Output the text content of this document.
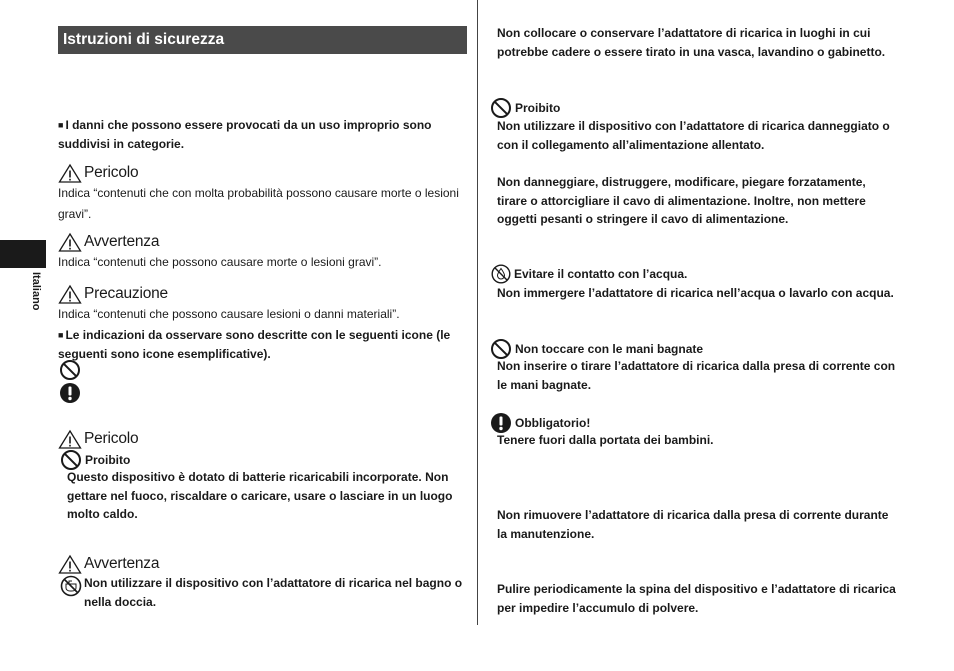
Istruzioni di sicurezza
Italiano
■ I danni che possono essere provocati da un uso improprio sono suddivisi in categorie.
Pericolo
Indica “contenuti che con molta probabilità possono causare morte o lesioni gravi”.
Avvertenza
Indica “contenuti che possono causare morte o lesioni gravi”.
Precauzione
Indica “contenuti che possono causare lesioni o danni materiali”.
■ Le indicazioni da osservare sono descritte con le seguenti icone (le seguenti sono icone esemplificative).
Pericolo
Proibito
Questo dispositivo è dotato di batterie ricaricabili incorporate. Non gettare nel fuoco, riscaldare o caricare, usare o lasciare in un luogo molto caldo.
Avvertenza
Non utilizzare il dispositivo con l’adattatore di ricarica nel bagno o nella doccia.
Non collocare o conservare l’adattatore di ricarica in luoghi in cui potrebbe cadere o essere tirato in una vasca, lavandino o gabinetto.
Proibito
Non utilizzare il dispositivo con l’adattatore di ricarica danneggiato o con il collegamento all’alimentazione allentato.
Non danneggiare, distruggere, modificare, piegare forzatamente, tirare o attorcigliare il cavo di alimentazione. Inoltre, non mettere oggetti pesanti o stringere il cavo di alimentazione.
Evitare il contatto con l’acqua.
Non immergere l’adattatore di ricarica nell’acqua o lavarlo con acqua.
Non toccare con le mani bagnate
Non inserire o tirare l’adattatore di ricarica dalla presa di corrente con le mani bagnate.
Obbligatorio!
Tenere fuori dalla portata dei bambini.
Non rimuovere l’adattatore di ricarica dalla presa di corrente durante la manutenzione.
Pulire periodicamente la spina del dispositivo e l’adattatore di ricarica per impedire l’accumulo di polvere.
